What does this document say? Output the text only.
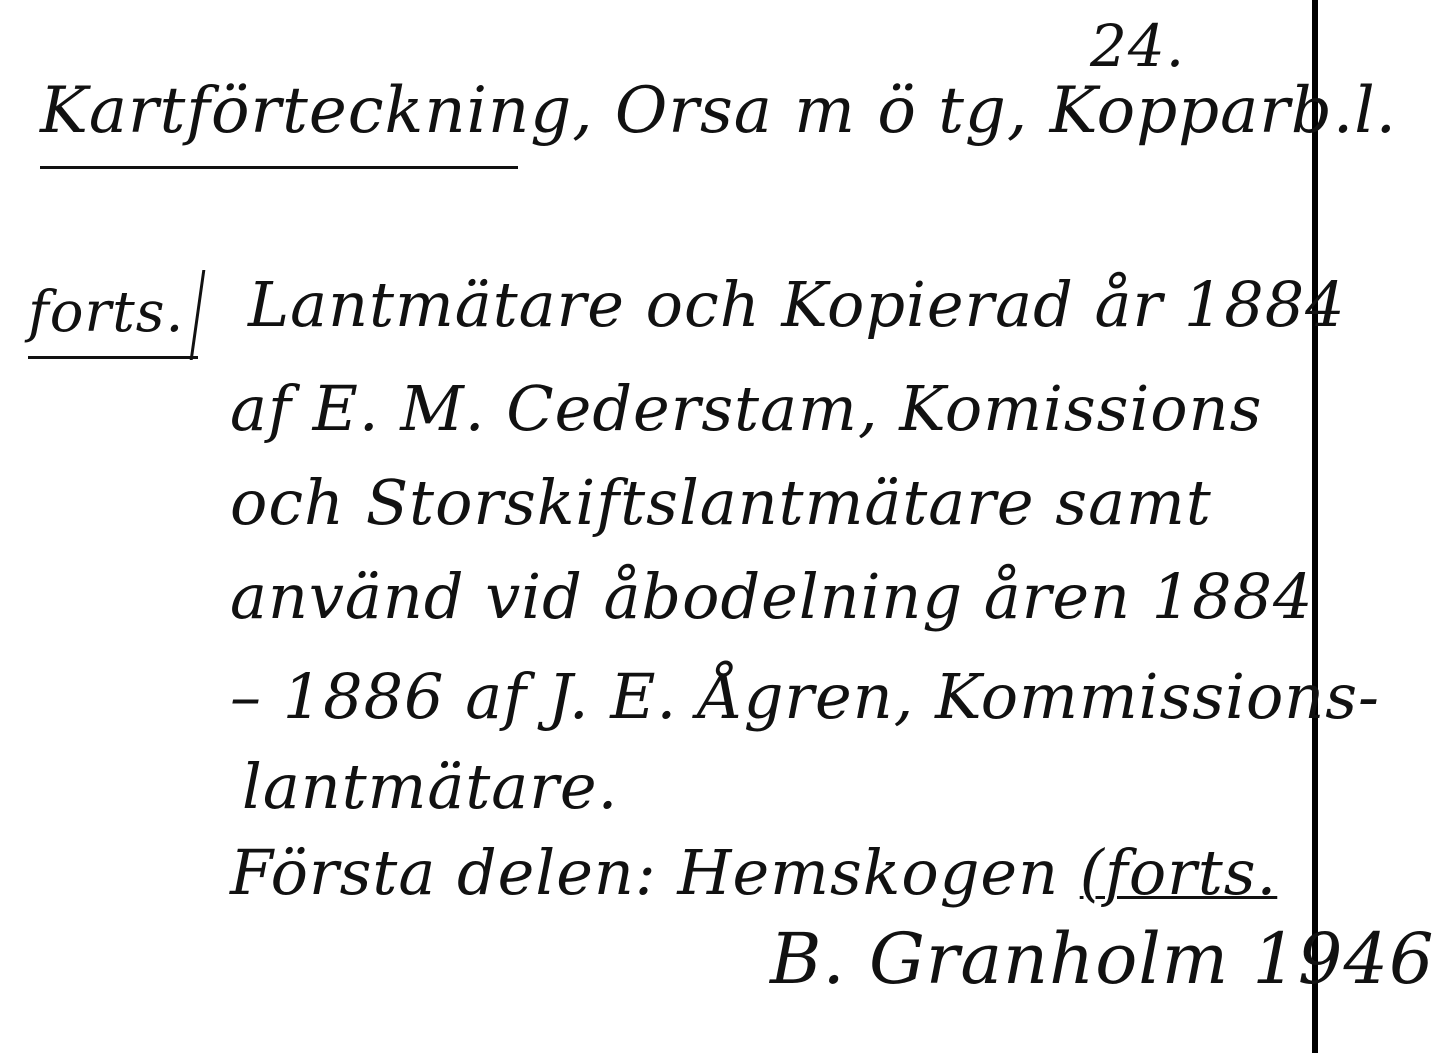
24.
Kartförteckning, Orsa m ö tg, Kopparb.l.
forts. Lantmätare och Kopierad år 1884
af E. M. Cederstam, Komissions
och Storskiftslantmätare samt
använd vid åbodelning åren 1884
– 1886 af J. E. Ågren, Kommissions-
lantmätare.
Första delen: Hemskogen (forts.
B. Granholm 1946
